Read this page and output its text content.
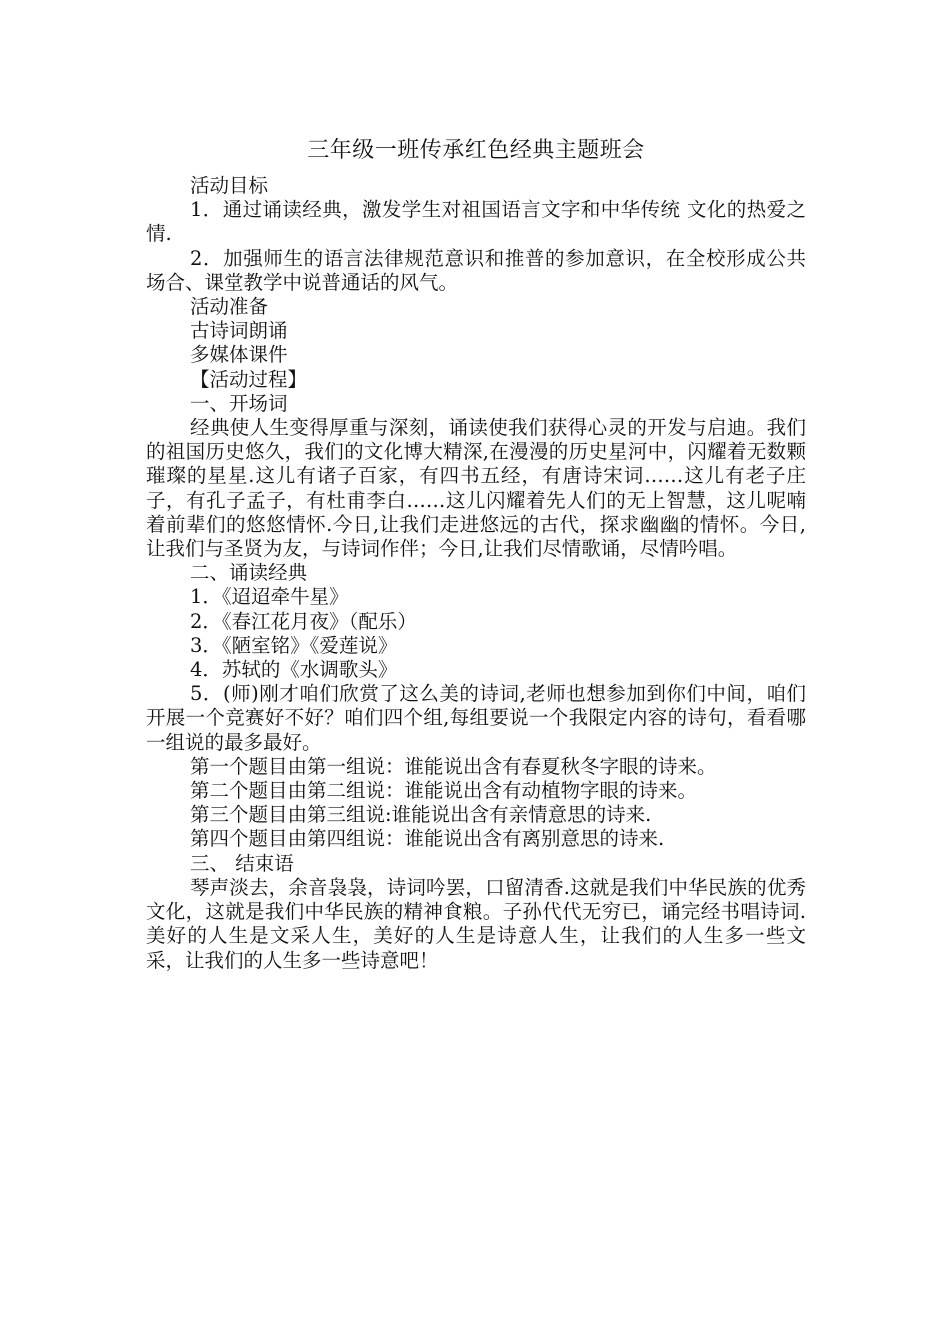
三年级一班传承红色经典主题班会

活动目标

1．通过诵读经典，激发学生对祖国语言文字和中华传统 文化的热爱之情.

2．加强师生的语言法律规范意识和推普的参加意识，在全校形成公共场合、课堂教学中说普通话的风气。

活动准备

古诗词朗诵

多媒体课件

【活动过程】

一、开场词

经典使人生变得厚重与深刻，诵读使我们获得心灵的开发与启迪。我们的祖国历史悠久，我们的文化博大精深,在漫漫的历史星河中，闪耀着无数颗璀璨的星星.这儿有诸子百家，有四书五经，有唐诗宋词……这儿有老子庄子，有孔子孟子，有杜甫李白……这儿闪耀着先人们的无上智慧，这儿呢喃着前辈们的悠悠情怀.今日,让我们走进悠远的古代，探求幽幽的情怀。今日,让我们与圣贤为友，与诗词作伴；今日,让我们尽情歌诵，尽情吟唱。

二、诵读经典

1．《迢迢牵牛星》

2．《春江花月夜》（配乐）

3．《陋室铭》《爱莲说》

4．苏轼的《水调歌头》

5．(师)刚才咱们欣赏了这么美的诗词,老师也想参加到你们中间，咱们开展一个竞赛好不好？咱们四个组,每组要说一个我限定内容的诗句，看看哪一组说的最多最好。

第一个题目由第一组说：谁能说出含有春夏秋冬字眼的诗来。

第二个题目由第二组说：谁能说出含有动植物字眼的诗来。

第三个题目由第三组说:谁能说出含有亲情意思的诗来.

第四个题目由第四组说：谁能说出含有离别意思的诗来.

三、 结束语

琴声淡去，余音袅袅，诗词吟罢，口留清香.这就是我们中华民族的优秀文化，这就是我们中华民族的精神食粮。子孙代代无穷已，诵完经书唱诗词.美好的人生是文采人生，美好的人生是诗意人生，让我们的人生多一些文采，让我们的人生多一些诗意吧！
